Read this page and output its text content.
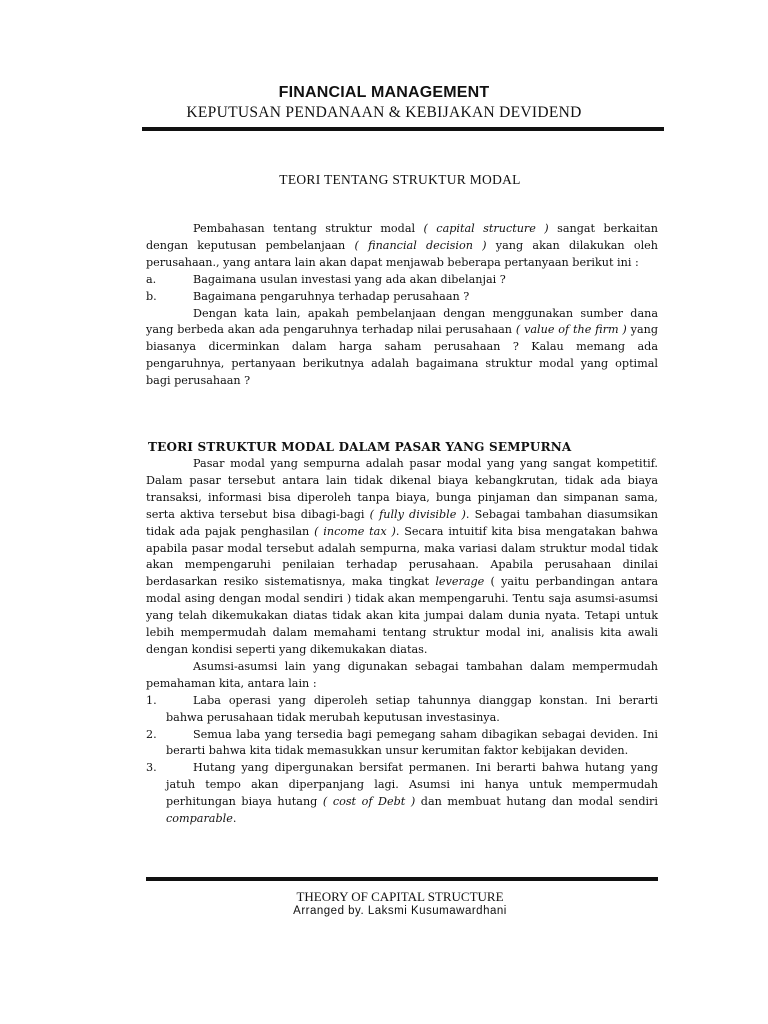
FINANCIAL MANAGEMENT
KEPUTUSAN PENDANAAN & KEBIJAKAN DEVIDEND
TEORI TENTANG STRUKTUR MODAL

Pembahasan tentang struktur modal ( capital structure ) sangat berkaitan dengan keputusan pembelanjaan ( financial decision ) yang akan dilakukan oleh perusahaan., yang antara lain akan dapat menjawab beberapa pertanyaan berikut ini :

a.	Bagaimana usulan investasi yang ada akan dibelanjai ?
b.	Bagaimana pengaruhnya terhadap perusahaan ?

Dengan kata lain, apakah pembelanjaan dengan menggunakan sumber dana yang berbeda akan ada pengaruhnya terhadap nilai perusahaan ( value of the firm ) yang biasanya dicerminkan dalam harga saham perusahaan ? Kalau memang ada pengaruhnya, pertanyaan berikutnya adalah bagaimana struktur modal yang optimal bagi perusahaan ?

TEORI STRUKTUR MODAL DALAM PASAR YANG SEMPURNA

Pasar modal yang sempurna adalah pasar modal yang yang sangat kompetitif. Dalam pasar tersebut antara lain tidak dikenal biaya kebangkrutan, tidak ada biaya transaksi, informasi bisa diperoleh tanpa biaya, bunga pinjaman dan simpanan sama, serta aktiva tersebut bisa dibagi-bagi ( fully divisible ). Sebagai tambahan diasumsikan tidak ada pajak penghasilan ( income tax ). Secara intuitif kita bisa mengatakan bahwa apabila pasar modal tersebut adalah sempurna, maka variasi dalam struktur modal tidak akan mempengaruhi penilaian terhadap perusahaan. Apabila perusahaan dinilai berdasarkan resiko sistematisnya, maka tingkat leverage ( yaitu perbandingan antara modal asing dengan modal sendiri ) tidak akan mempengaruhi. Tentu saja asumsi-asumsi yang telah dikemukakan diatas tidak akan kita jumpai dalam dunia nyata. Tetapi untuk lebih mempermudah dalam memahami tentang struktur modal ini, analisis kita awali dengan kondisi seperti yang dikemukakan diatas.

Asumsi-asumsi lain yang digunakan sebagai tambahan dalam mempermudah pemahaman kita, antara lain :

1.	Laba operasi yang diperoleh setiap tahunnya dianggap konstan. Ini berarti bahwa perusahaan tidak merubah keputusan investasinya.
2.	Semua laba yang tersedia bagi pemegang saham dibagikan sebagai deviden. Ini berarti bahwa kita tidak memasukkan unsur kerumitan faktor kebijakan deviden.
3.	Hutang yang dipergunakan bersifat permanen. Ini berarti bahwa hutang yang jatuh tempo akan diperpanjang lagi. Asumsi ini hanya untuk mempermudah perhitungan biaya hutang ( cost of Debt ) dan membuat hutang dan modal sendiri comparable.
THEORY OF CAPITAL STRUCTURE
Arranged by. Laksmi Kusumawardhani
